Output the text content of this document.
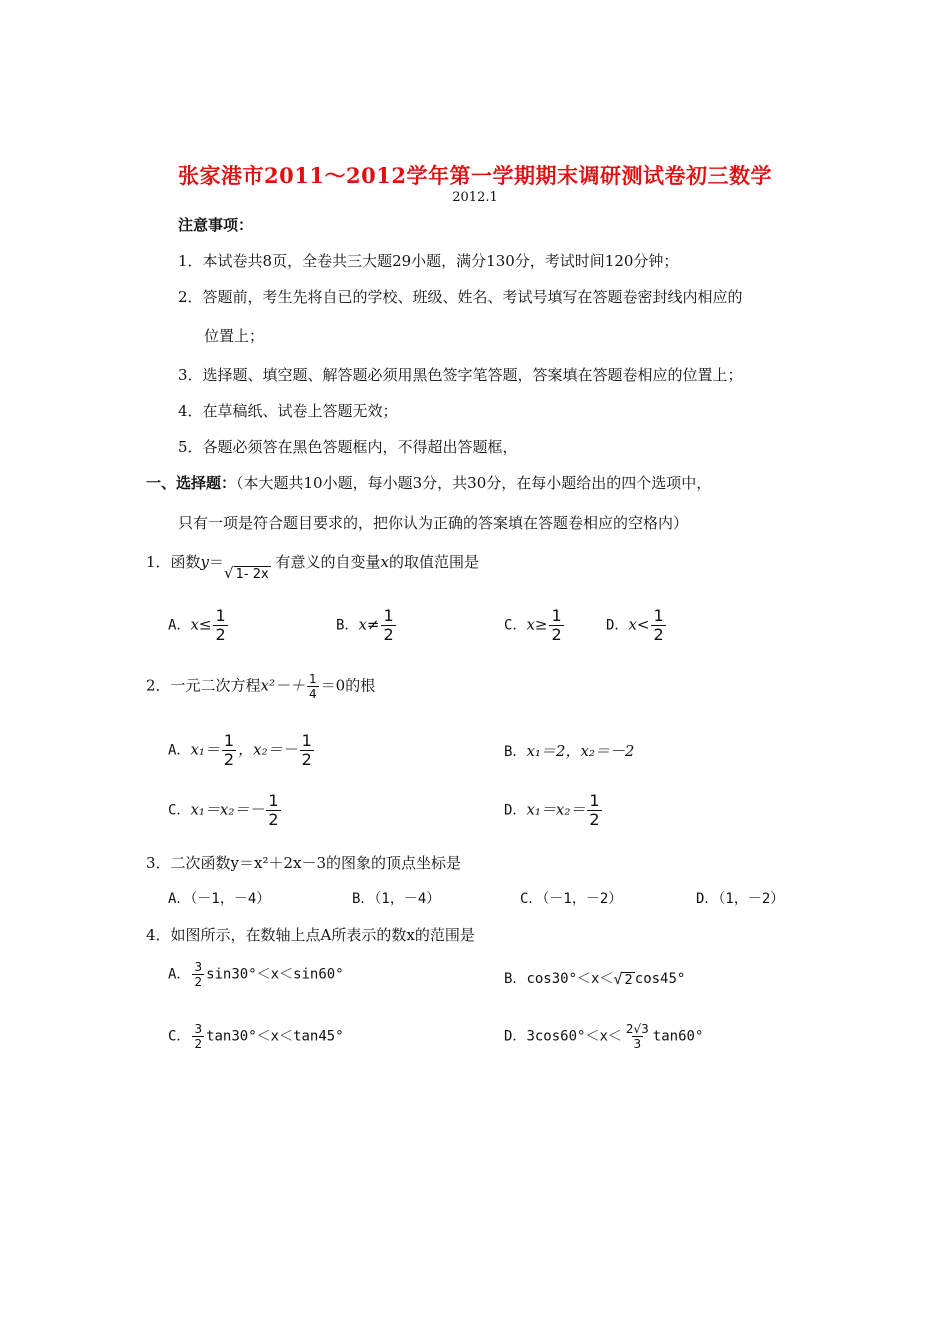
张家港市2011～2012学年第一学期期末调研测试卷初三数学
2012.1
注意事项：
1．本试卷共8页，全卷共三大题29小题，满分130分，考试时间120分钟；
2．答题前，考生先将自已的学校、班级、姓名、考试号填写在答题卷密封线内相应的
位置上；
3．选择题、填空题、解答题必须用黑色签字笔答题，答案填在答题卷相应的位置上；
4．在草稿纸、试卷上答题无效；
5．各题必须答在黑色答题框内，不得超出答题框，
一、选择题：（本大题共10小题，每小题3分，共30分，在每小题给出的四个选项中，
只有一项是符合题目要求的，把你认为正确的答案填在答题卷相应的空格内）
1．函数y＝√ 1- 2x 有意义的自变量x的取值范围是
A．$x\le \frac{1}{2}$	B．$x\ne \frac{1}{2}$	C．$x\ge \frac{1}{2}$	D．$x< \frac{1}{2}$
2．一元二次方程$x^2-+ \frac{1}{4} =0$的根
A．$x_1= \frac{1}{2}$ ，$x_2=- \frac{1}{2}$	B．x₁＝2，x₂＝－2
C．$x_1=x_2=- \frac{1}{2}$	D．$x_1=x_2= \frac{1}{2}$
3．二次函数y＝x²＋2x－3的图象的顶点坐标是
A．（－1，－4）	B．（1，－4）	C．（－1，－2）	D．（1，－2）
4．如图所示，在数轴上点A所表示的数x的范围是
A． $\frac{3}{2} \sin 30^\circ<x<\sin 60^\circ$	B．cos30°＜x＜√ 2 cos45°
C． $\frac{3}{2} \tan 30^\circ<x<\tan 45^\circ$	D．$3\cos 60^\circ<x< \frac{2√3}{3} \tan 60^\circ$
